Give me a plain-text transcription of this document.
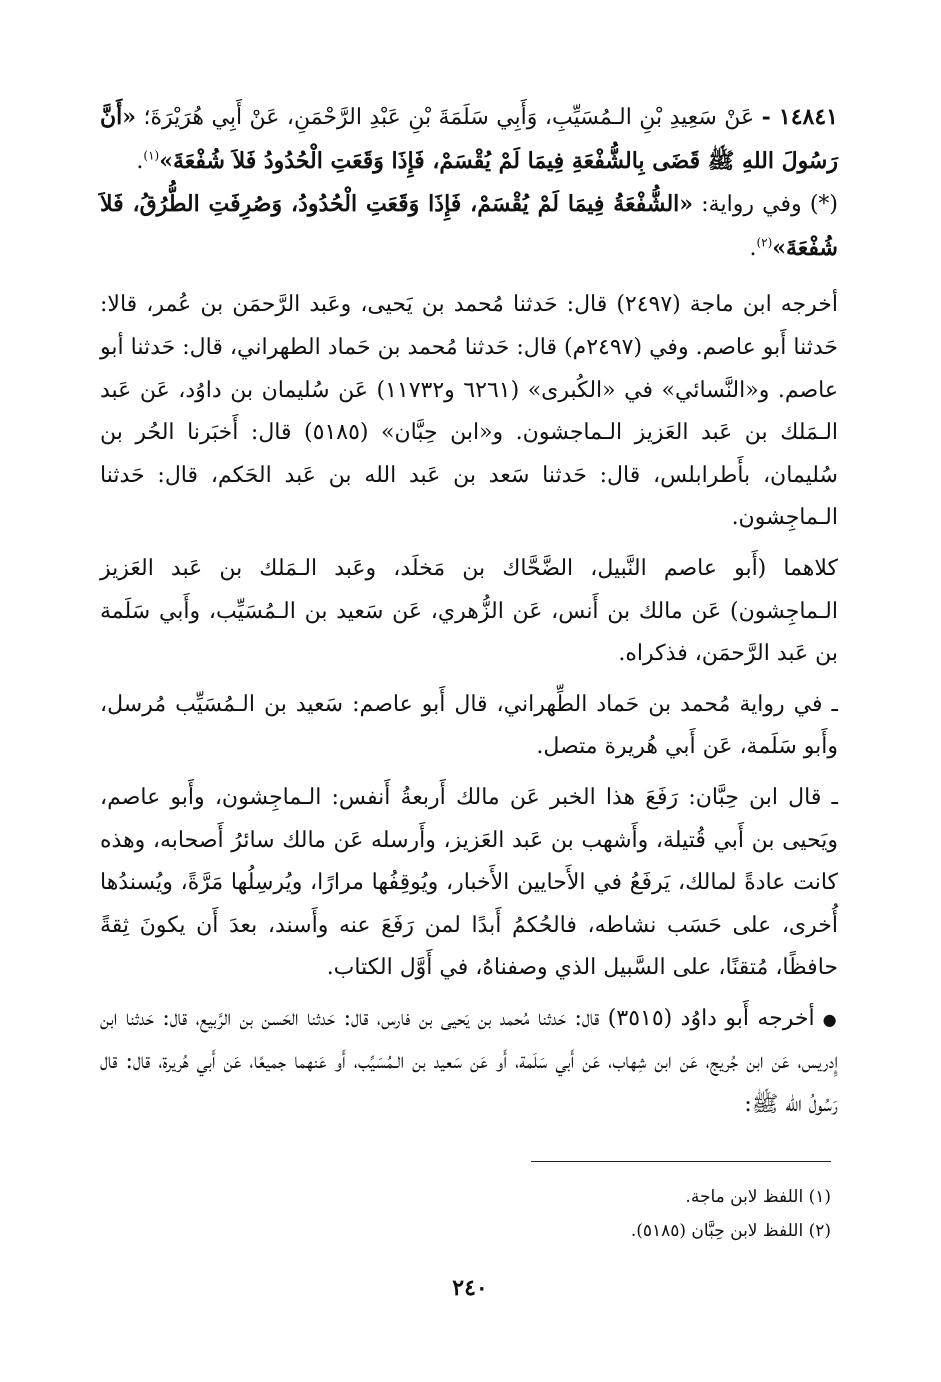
١٤٨٤١ - عَنْ سَعِيدِ بْنِ الـمُسَيِّبِ، وَأَبِي سَلَمَةَ بْنِ عَبْدِ الرَّحْمَنِ، عَنْ أَبِي هُرَيْرَةَ؛ «أَنَّ رَسُولَ اللهِ ﷺ قَضَى بِالشُّفْعَةِ فِيمَا لَمْ يُقْسَمْ، فَإِذَا وَقَعَتِ الْحُدُودُ فَلاَ شُفْعَةَ»$^{(١)}$.
(*) وفي رواية: «الشُّفْعَةُ فِيمَا لَمْ يُقْسَمْ، فَإِذَا وَقَعَتِ الْحُدُودُ، وَصُرِفَتِ الطُّرُقُ، فَلاَ شُفْعَةَ»$^{(٢)}$.

أخرجه ابن ماجة (٢٤٩٧) قال: حَدثنا مُحمد بن يَحيى، وعَبد الرَّحمَن بن عُمر، قالا: حَدثنا أَبو عاصم. وفي (٢٤٩٧م) قال: حَدثنا مُحمد بن حَماد الطهراني، قال: حَدثنا أبو عاصم. و«النَّسائي» في «الكُبرى» (٦٢٦١ و١١٧٣٢) عَن سُليمان بن داوُد، عَن عَبد الـمَلك بن عَبد العَزيز الـماجشون. و«ابن حِبَّان» (٥١٨٥) قال: أَخبَرنا الحُر بن سُليمان، بأَطرابلس، قال: حَدثنا سَعد بن عَبد الله بن عَبد الحَكم، قال: حَدثنا الـماجِشون.

كلاهما (أَبو عاصم النَّبيل، الضَّحَّاك بن مَخلَد، وعَبد الـمَلك بن عَبد العَزيز الـماجِشون) عَن مالك بن أَنس، عَن الزُّهري، عَن سَعيد بن الـمُسَيِّب، وأَبي سَلَمة بن عَبد الرَّحمَن، فذكراه.

ـ في رواية مُحمد بن حَماد الطِّهراني، قال أَبو عاصم: سَعيد بن الـمُسَيِّب مُرسل، وأَبو سَلَمة، عَن أَبي هُريرة متصل.

ـ قال ابن حِبَّان: رَفَعَ هذا الخبر عَن مالك أَربعةُ أَنفس: الـماجِشون، وأَبو عاصم، ويَحيى بن أَبي قُتيلة، وأَشهب بن عَبد العَزيز، وأَرسله عَن مالك سائرُ أَصحابه، وهذه كانت عادةً لمالك، يَرفَعُ في الأَحايين الأَخبار، ويُوقِفُها مرارًا، ويُرسِلُها مَرَّةً، ويُسندُها أُخرى، على حَسَب نشاطه، فالحُكمُ أَبدًا لمن رَفَعَ عنه وأَسند، بعدَ أَن يكونَ ثِقةً حافظًا، مُتقنًا، على السَّبيل الذي وصفناهُ، في أَوَّل الكتاب.

●أخرجه أَبو داوُد (٣٥١٥) قال: حَدثنا مُحمد بن يَحيى بن فارس، قال: حَدثنا الحَسن بن الرَّبيع، قال: حَدثنا ابن إِدريس، عَن ابن جُريج، عَن ابن شِهاب، عَن أَبي سَلَمة، أَو عَن سَعيد بن الـمُسَيِّب، أَو عَنهما جميعًا، عَن أَبي هُريرة، قال: قال رَسُولُ الله ﷺ:

(١) اللفظ لابن ماجة.

(٢) اللفظ لابن حِبَّان (٥١٨٥).

٢٤٠
